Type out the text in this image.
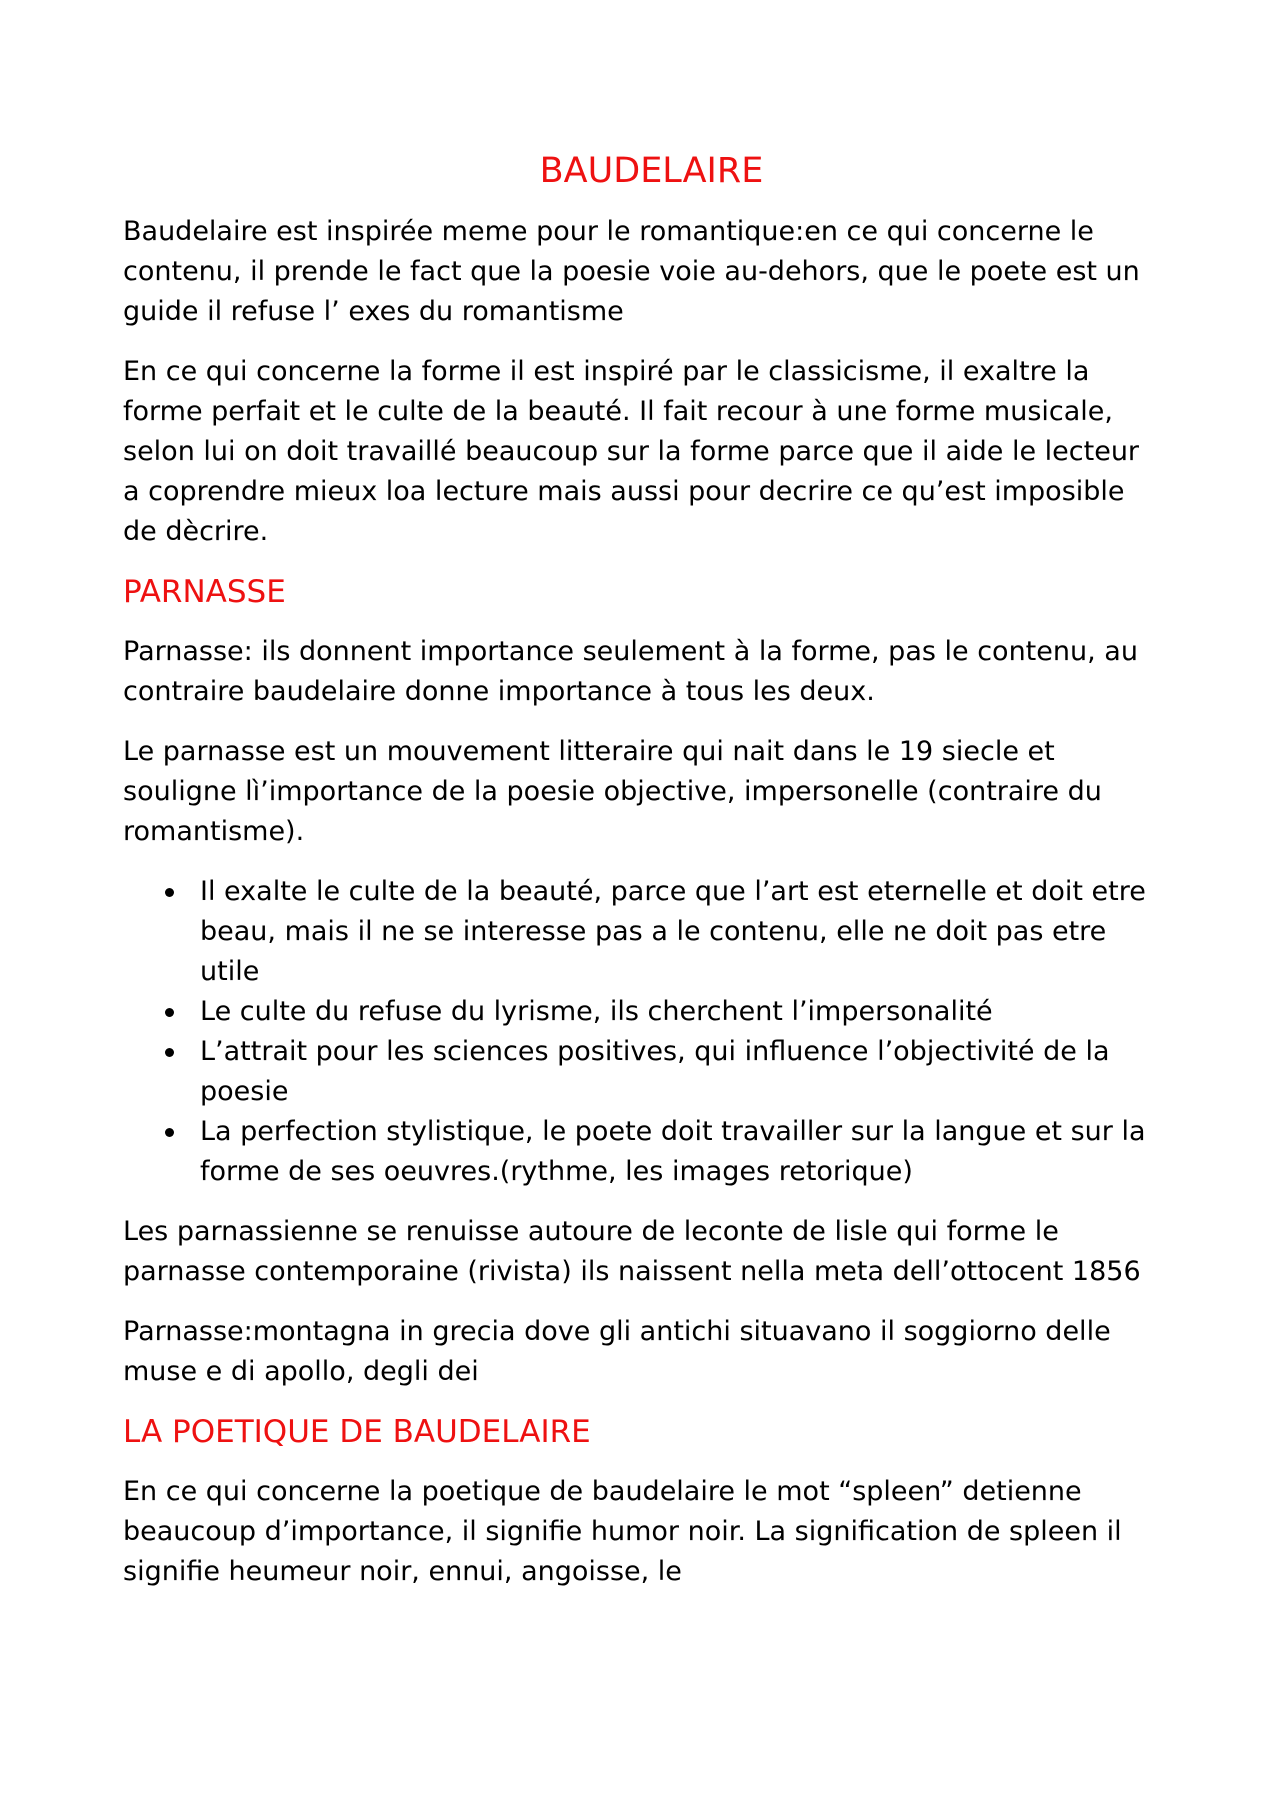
BAUDELAIRE

Baudelaire est inspirée meme pour le romantique:en ce qui concerne le contenu, il prende le fact que la poesie voie au-dehors, que le poete est un guide il refuse l’ exes du romantisme

En ce qui concerne la forme il est inspiré par le classicisme, il exaltre la forme perfait et le culte de la beauté. Il fait recour à une forme musicale, selon lui on doit travaillé beaucoup sur la forme parce que il aide le lecteur a coprendre mieux loa lecture mais aussi pour decrire ce qu’est imposible de dècrire.

PARNASSE

Parnasse: ils donnent importance seulement à la forme, pas le contenu, au contraire baudelaire donne importance à tous les deux.

Le parnasse est un mouvement litteraire qui nait dans le 19 siecle et souligne lì’importance de la poesie objective, impersonelle (contraire du romantisme).

Il exalte le culte de la beauté, parce que l’art est eternelle et doit etre beau, mais il ne se interesse pas a le contenu, elle ne doit pas etre utile
Le culte du refuse du lyrisme, ils cherchent l’impersonalité
L’attrait pour les sciences positives, qui influence l’objectivité de la poesie
La perfection stylistique, le poete doit travailler sur la langue et sur la forme de ses oeuvres.(rythme, les images retorique)

Les parnassienne se renuisse autoure de leconte de lisle qui forme le parnasse contemporaine (rivista) ils naissent nella meta dell’ottocent 1856

Parnasse:montagna in grecia dove gli antichi situavano il soggiorno delle muse e di apollo, degli dei

LA POETIQUE DE BAUDELAIRE

En ce qui concerne la poetique de baudelaire le mot “spleen” detienne beaucoup d’importance, il signifie humor noir. La signification de spleen il signifie heumeur noir, ennui, angoisse, le
